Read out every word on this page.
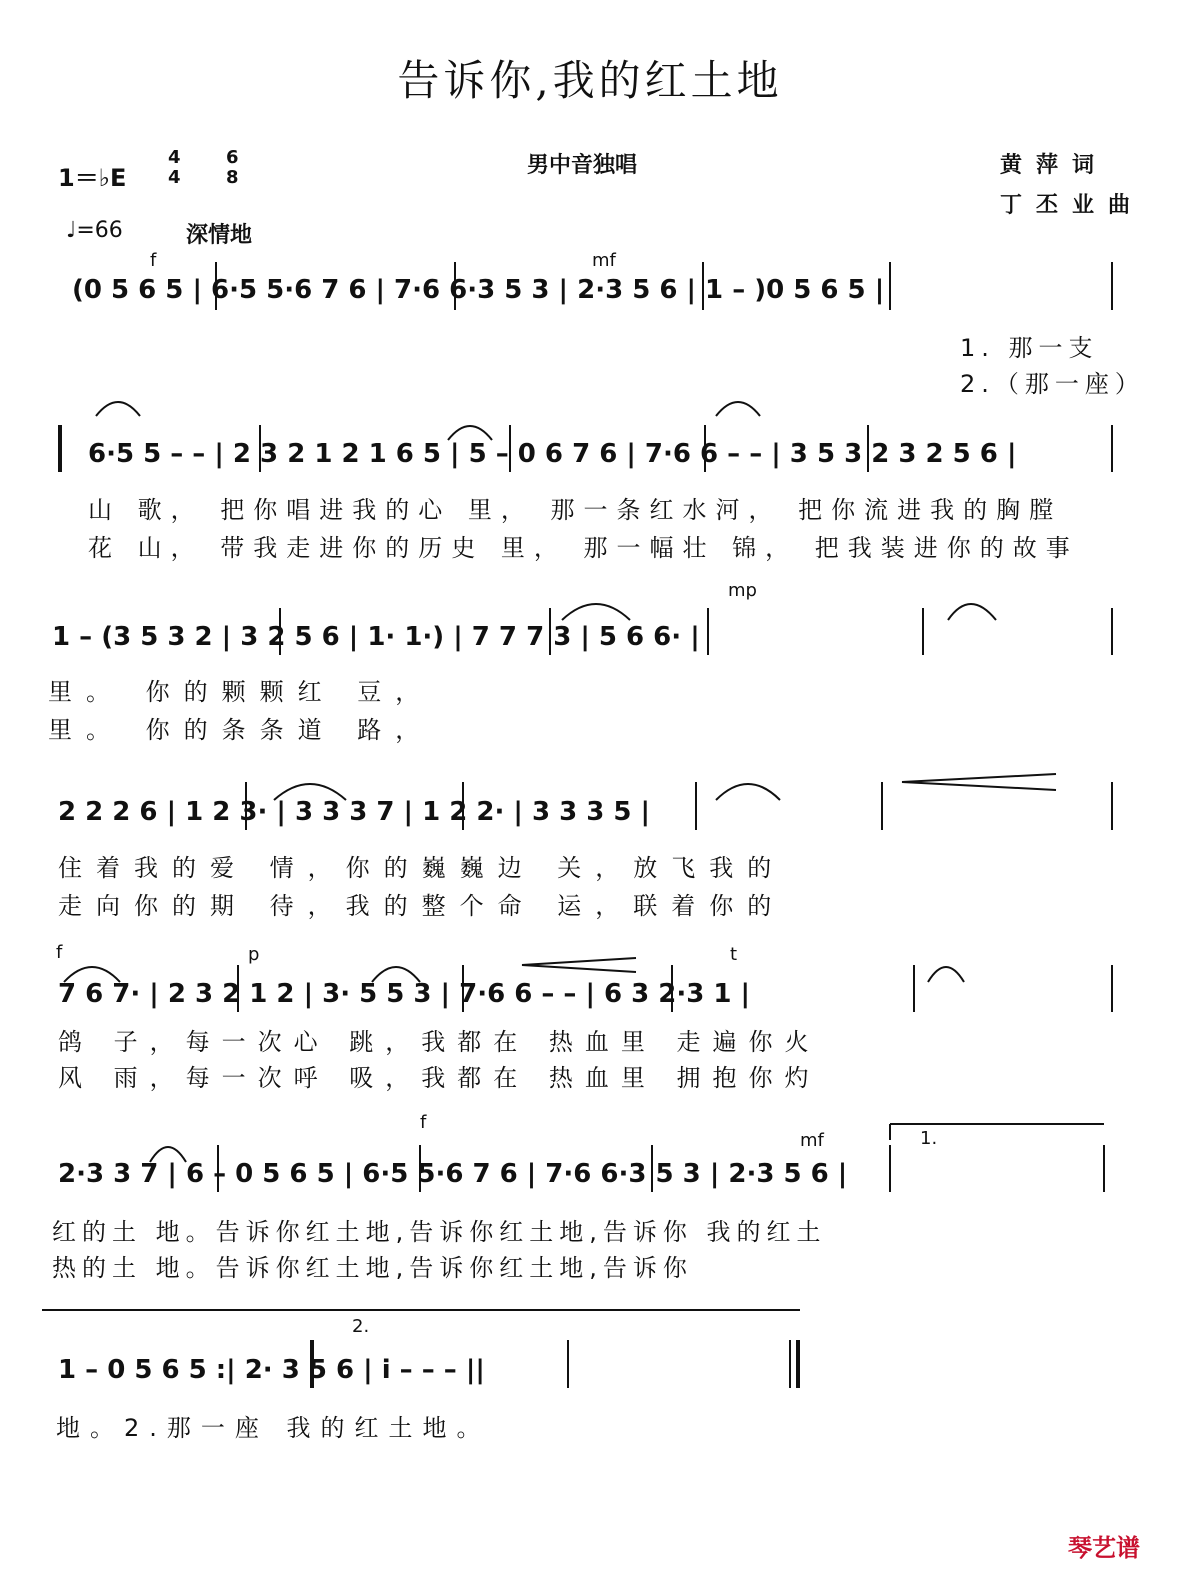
告诉你,我的红土地
男中音独唱	黄萍词
丁丕业曲
1＝♭E
4
4
6
8
♩=66	深情地
(0 5 6 5 | 6·5 5·6 7 6 | 7·6 6·3 5 3 | 2·3 5 6 | 1 – )0 5 6 5 |
6·5 5 – – | 2 3 2 1 2 1 6 5 | 5 – 0 6 7 6 | 7·6 6 – – | 3 5 3 2 3 2 5 6 |
1 – (3 5 3 2 | 3 2 5 6 | 1· 1·) | 7 7 7 3 | 5 6 6· |
2 2 2 6 | 1 2 3· | 3 3 3 7 | 1 2 2· | 3 3 3 5 |
7 6 7· | 2 3 2 1 2 | 3· 5 5 3 | 7·6 6 – – | 6 3 2·3 1 |
2·3 3 7 | 6 – 0 5 6 5 | 6·5 5·6 7 6 | 7·6 6·3 5 3 | 2·3 5 6 |
1 – 0 5 6 5 :| 2· 3 5 6 | i – – – ||
f	mf
mp
f	p	t
f
mf	1.
2.
1. 那一支
2.（那一座）
山 歌， 把你唱进我的心 里， 那一条红水河， 把你流进我的胸膛
花 山， 带我走进你的历史 里， 那一幅壮 锦， 把我装进你的故事
里。 你的颗颗红 豆，
里。 你的条条道 路，
住着我的爱 情，你的巍巍边 关，放飞我的
走向你的期 待，我的整个命 运，联着你的
鸽 子，每一次心 跳，我都在 热血里 走遍你火
风 雨，每一次呼 吸，我都在 热血里 拥抱你灼
红的土 地。告诉你红土地,告诉你红土地,告诉你 我的红土
热的土 地。告诉你红土地,告诉你红土地,告诉你
地。2.那一座 我的红土地。
琴艺谱
